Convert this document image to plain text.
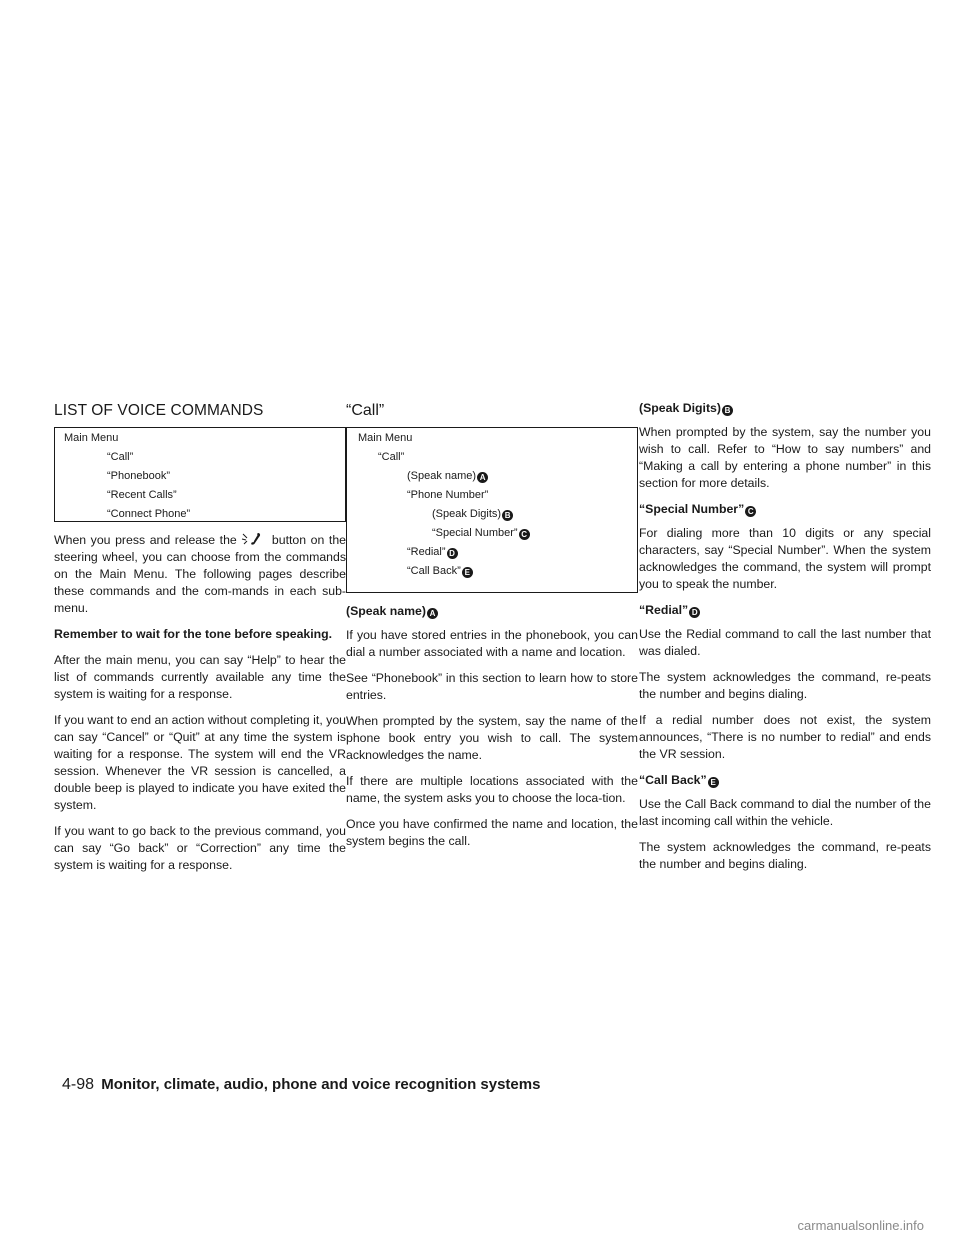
LIST OF VOICE COMMANDS
Main Menu
“Call”
“Phonebook”
“Recent Calls”
“Connect Phone”

When you press and release the	button on the steering wheel, you can choose from the commands on the Main Menu. The following pages describe these commands and the com-mands in each sub-menu.

Remember to wait for the tone before speaking.

After the main menu, you can say “Help” to hear the list of commands currently available any time the system is waiting for a response.

If you want to end an action without completing it, you can say “Cancel” or “Quit” at any time the system is waiting for a response. The system will end the VR session. Whenever the VR session is cancelled, a double beep is played to indicate you have exited the system.

If you want to go back to the previous command, you can say “Go back” or “Correction” any time the system is waiting for a response.

“Call”
Main Menu
“Call”
(Speak name) A
“Phone Number”
(Speak Digits) B
“Special Number” C
“Redial” D
“Call Back” E

(Speak name) A

If you have stored entries in the phonebook, you can dial a number associated with a name and location.

See “Phonebook” in this section to learn how to store entries.

When prompted by the system, say the name of the phone book entry you wish to call. The system acknowledges the name.

If there are multiple locations associated with the name, the system asks you to choose the loca-tion.

Once you have confirmed the name and location, the system begins the call.

(Speak Digits) B

When prompted by the system, say the number you wish to call. Refer to “How to say numbers” and “Making a call by entering a phone number” in this section for more details.

“Special Number” C

For dialing more than 10 digits or any special characters, say “Special Number”. When the system acknowledges the command, the system will prompt you to speak the number.

“Redial” D

Use the Redial command to call the last number that was dialed.

The system acknowledges the command, re-peats the number and begins dialing.

If a redial number does not exist, the system announces, “There is no number to redial” and ends the VR session.

“Call Back” E

Use the Call Back command to dial the number of the last incoming call within the vehicle.

The system acknowledges the command, re-peats the number and begins dialing.

4-98 Monitor, climate, audio, phone and voice recognition systems
carmanualsonline.info
